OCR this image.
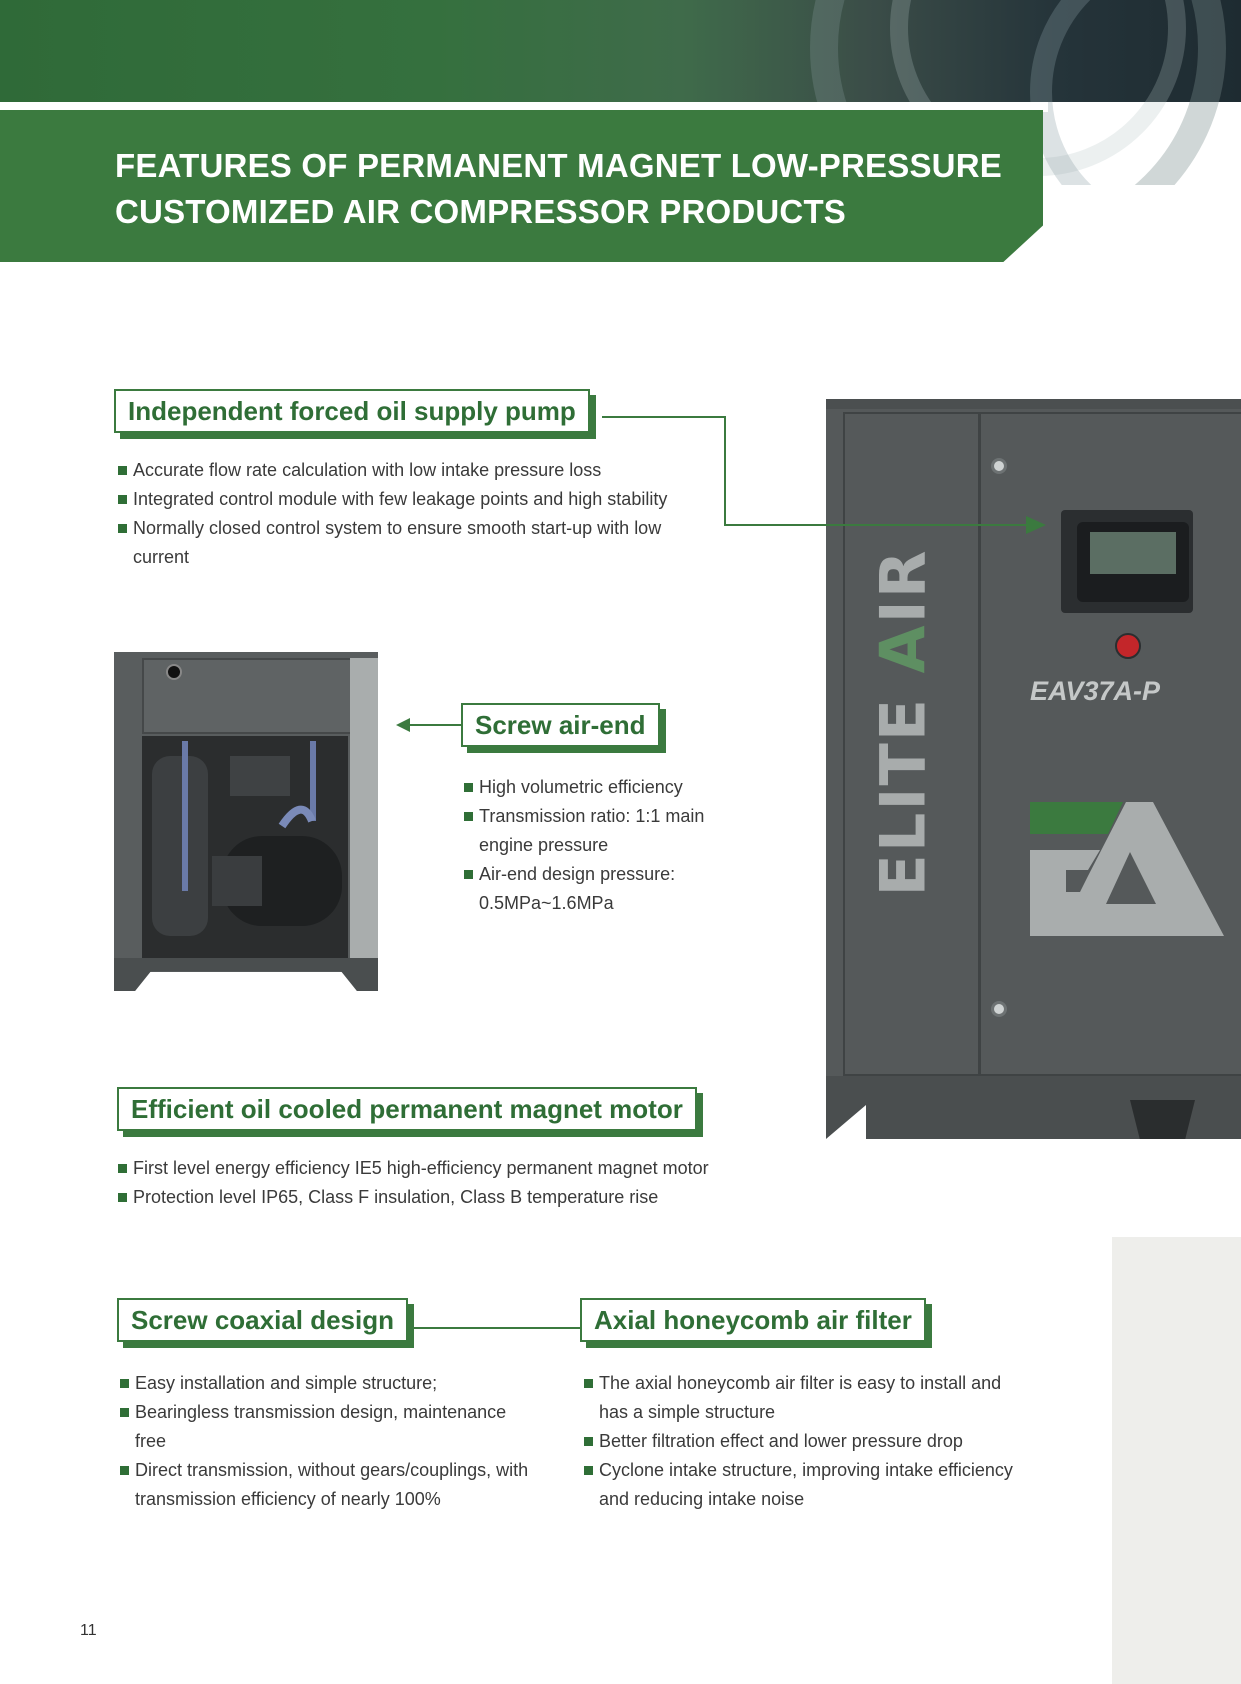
FEATURES OF PERMANENT MAGNET LOW-PRESSURE
CUSTOMIZED AIR COMPRESSOR PRODUCTS
EAV37A-P
ELITE AIR
Independent forced oil supply pump
Accurate flow rate calculation with low intake pressure loss
Integrated control module with few leakage points and high stability
Normally closed control system to ensure smooth start-up with low current
Screw air-end
High volumetric efficiency
Transmission ratio: 1:1 main engine pressure
Air-end design pressure: 0.5MPa~1.6MPa
Efficient oil cooled permanent magnet motor
First level energy efficiency IE5 high-efficiency permanent magnet motor
Protection level IP65, Class F insulation, Class B temperature rise
Screw coaxial design
Easy installation and simple structure;
Bearingless transmission design, maintenance free
Direct transmission, without gears/couplings, with transmission efficiency of nearly 100%
Axial honeycomb air filter
The axial honeycomb air filter is easy to install and has a simple structure
Better filtration effect and lower pressure drop
Cyclone intake structure, improving intake efficiency and reducing intake noise
11
